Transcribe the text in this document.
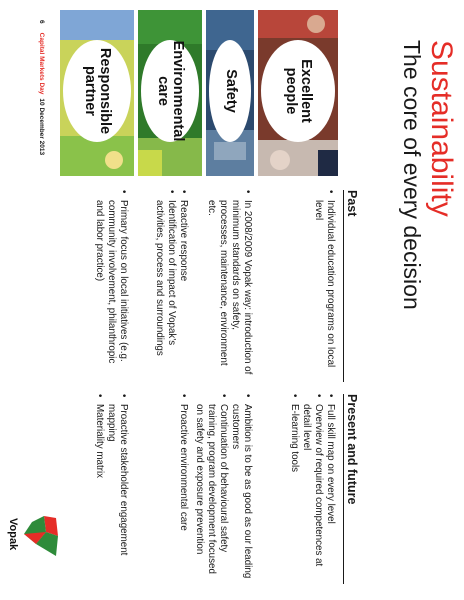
Sustainability
The core of every decision
Past
Present and future
Excellent
people
• Individual education programs on local level
• Full skill map on every level
• Overview of required competences at detail level
• E-learning tools
Safety
• In 2008/2009 Vopak way: introduction of minimum standards on safety, processes, maintenance, environment etc.
• Ambition is to be as good as our leading customers
• Continuation of behavioural safety training, program development focused on safety and exposure prevention
Environmental
care
• Reactive response
• Identification of impact of Vopak's activities, process and surroundings
• Proactive environmental care
Responsible
partner
• Primary focus on local initiatives (e.g. community involvement, philanthropic and labor practice)
• Proactive stakeholder engagement mapping
• Materiality matrix
6Capital Markets Day10 December 2013
Vopak
